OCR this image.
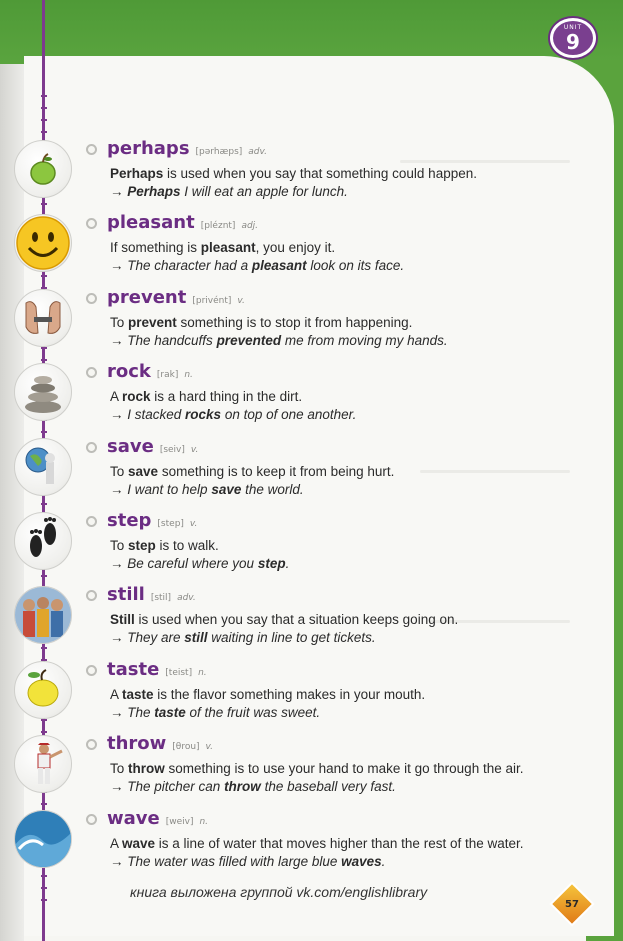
UNIT
9
perhaps [pərhæps] adv.
Perhaps is used when you say that something could happen.
→ Perhaps I will eat an apple for lunch.
pleasant [pléznt] adj.
If something is pleasant, you enjoy it.
→ The character had a pleasant look on its face.
prevent [privént] v.
To prevent something is to stop it from happening.
→ The handcuffs prevented me from moving my hands.
rock [rak] n.
A rock is a hard thing in the dirt.
→ I stacked rocks on top of one another.
save [seiv] v.
To save something is to keep it from being hurt.
→ I want to help save the world.
step [step] v.
To step is to walk.
→ Be careful where you step.
still [stil] adv.
Still is used when you say that a situation keeps going on.
→ They are still waiting in line to get tickets.
taste [teist] n.
A taste is the flavor something makes in your mouth.
→ The taste of the fruit was sweet.
throw [θrou] v.
To throw something is to use your hand to make it go through the air.
→ The pitcher can throw the baseball very fast.
wave [weiv] n.
A wave is a line of water that moves higher than the rest of the water.
→ The water was filled with large blue waves.
книга выложена группой vk.com/englishlibrary
57
